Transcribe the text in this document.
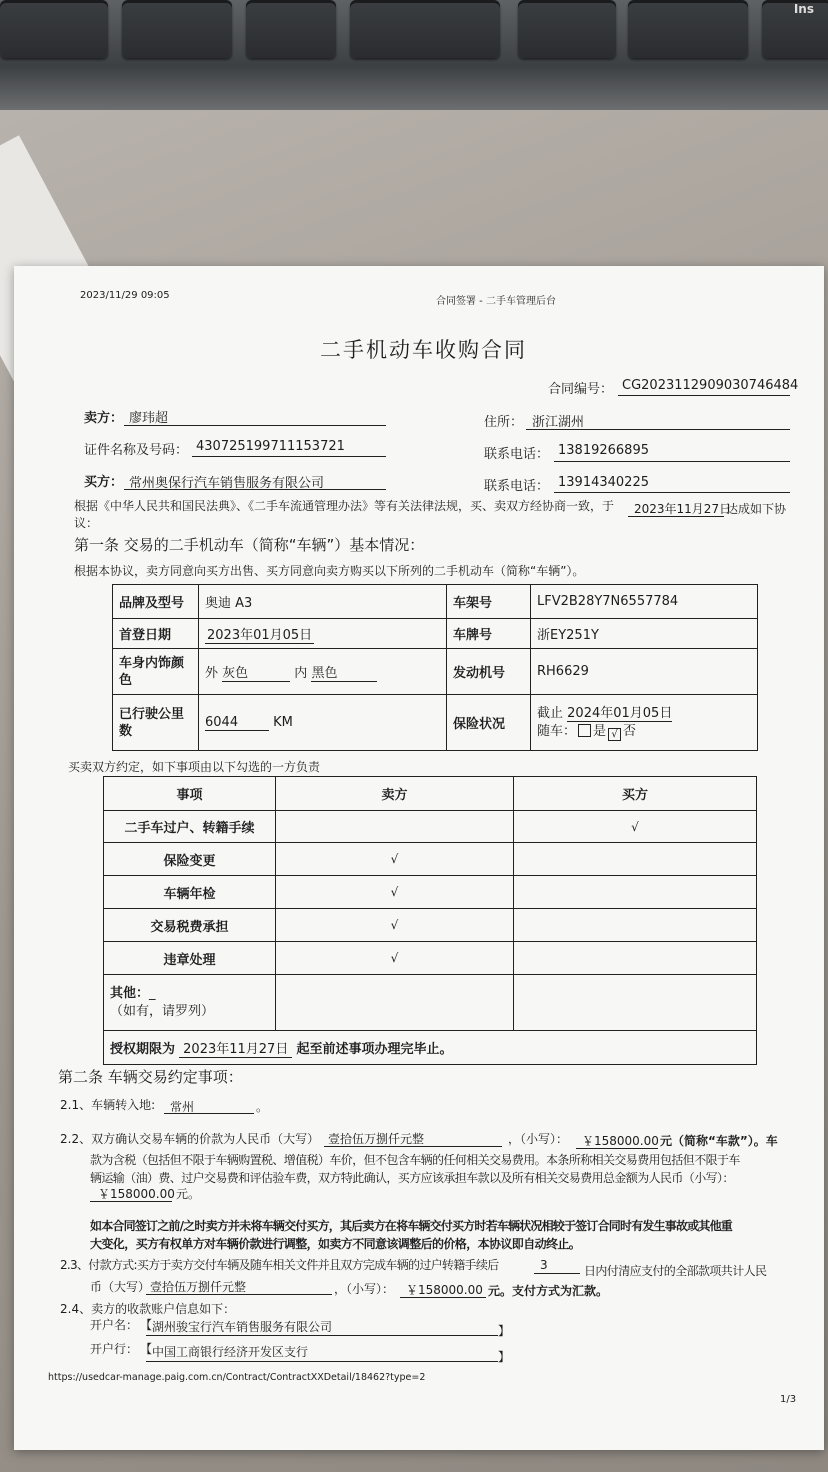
Ins
2023/11/29 09:05
合同签署 - 二手车管理后台
二手机动车收购合同
合同编号： CG2023112909030746484
卖方： 廖玮超	住所： 浙江湖州
证件名称及号码： 430725199711153721
联系电话： 13819266895
买方： 常州奥保行汽车销售服务有限公司	联系电话： 13914340225
根据《中华人民共和国民法典》、《二手车流通管理办法》等有关法律法规，买、卖双方经协商一致，于 2023年11月27日
达成如下协
议：
第一条 交易的二手机动车（简称“车辆”）基本情况：
根据本协议，卖方同意向买方出售、买方同意向卖方购买以下所列的二手机动车（简称“车辆”）。
品牌及型号	奥迪 A3	车架号	LFV2B28Y7N6557784
首登日期	2023年01月05日	车牌号	浙EY251Y
车身内饰颜色	外 灰色 内 黑色	发动机号	RH6629
已行驶公里数	6044 KM	保险状况	截止 2024年01月05日
随车： 是 √ 否
买卖双方约定，如下事项由以下勾选的一方负责
事项	卖方	买方
二手车过户、转籍手续		√
保险变更	√	
车辆年检	√	
交易税费承担	√	
违章处理	√	
其他：_
（如有，请罗列）		
授权期限为 2023年11月27日 起至前述事项办理完毕止。		
第二条 车辆交易约定事项：
2.1、车辆转入地: 常州	。
2.2、双方确认交易车辆的价款为人民币（大写） 壹拾伍万捌仟元整	，（小写）： ￥158000.00 元（简称“车款”）。车
款为含税（包括但不限于车辆购置税、增值税）车价，但不包含车辆的任何相关交易费用。本条所称相关交易费用包括但不限于车
辆运输（油）费、过户交易费和评估验车费，双方特此确认，买方应该承担车款以及所有相关交易费用总金额为人民币（小写）：
￥158000.00 元。
如本合同签订之前/之时卖方并未将车辆交付买方，其后卖方在将车辆交付买方时若车辆状况相较于签订合同时有发生事故或其他重
大变化，买方有权单方对车辆价款进行调整，如卖方不同意该调整后的价格，本协议即自动终止。
2.3、付款方式:买方于卖方交付车辆及随车相关文件并且双方完成车辆的过户转籍手续后	3	日内付清应支付的全部款项共计人民
币（大写） 壹拾伍万捌仟元整	，（小写）： ￥158000.00 元。支付方式为汇款。
2.4、卖方的收款账户信息如下：
开户名： 【 湖州骏宝行汽车销售服务有限公司	】
开户行： 【 中国工商银行经济开发区支行	】
https://usedcar-manage.paig.com.cn/Contract/ContractXXDetail/18462?type=2
1/3
